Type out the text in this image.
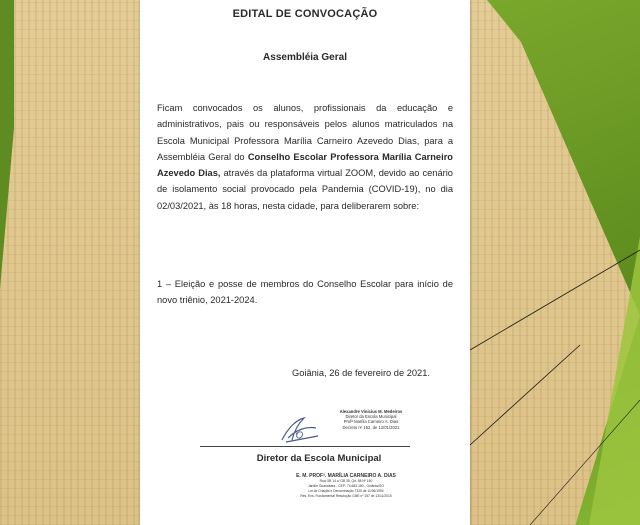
EDITAL DE CONVOCAÇÃO
Assembléia Geral

Ficam convocados os alunos, profissionais da educação e administrativos, pais ou responsáveis pelos alunos matriculados na Escola Municipal Professora Marília Carneiro Azevedo Dias, para a Assembléia Geral do Conselho Escolar Professora Marília Carneiro Azevedo Dias, através da plataforma virtual ZOOM, devido ao cenário de isolamento social provocado pela Pandemia (COVID-19), no dia 02/03/2021, às 18 horas, nesta cidade, para deliberarem sobre:

1 – Eleição e posse de membros do Conselho Escolar para início de novo triênio, 2021-2024.

Goiânia, 26 de fevereiro de 2021.
Alexandre Vinicius M. Medeiros
Diretor da Escola Municipal
Profª Marília Carneiro A. Dias
Decreto nº 152, de 12/01/2021
Diretor da Escola Municipal
E. M. PROFª. MARÍLIA CARNEIRO A. DIAS
Rua GB 14 c/ GB 35, Qd. 58 Nº 150
Jardim Guanabara - CEP: 74.683-180 - Goiânia/GO
Lei de Criação e Denominação 7325 de 11/06/1994
Res. Ens. Fundamental Resolução CME nº 157 de 13/11/2015
